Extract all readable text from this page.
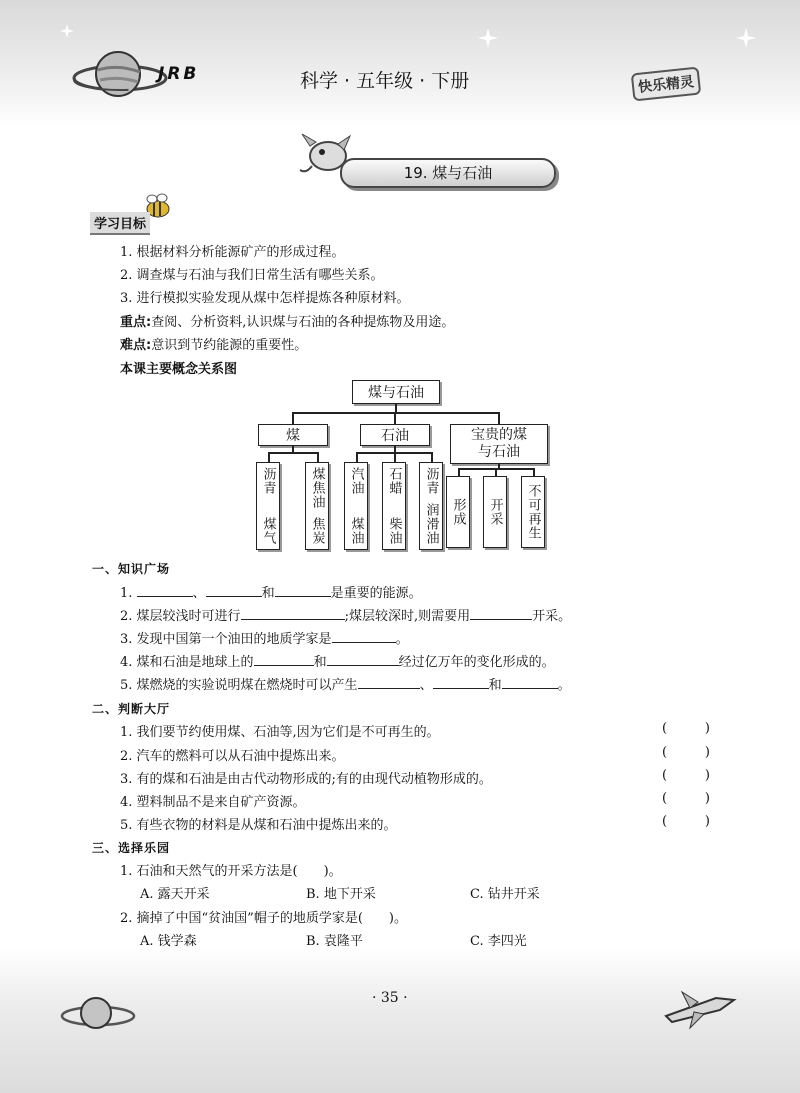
JRB	科学 · 五年级 · 下册	快乐精灵
19. 煤与石油
学习目标
1. 根据材料分析能源矿产的形成过程。
2. 调查煤与石油与我们日常生活有哪些关系。
3. 进行模拟实验发现从煤中怎样提炼各种原材料。
重点:查阅、分析资料,认识煤与石油的各种提炼物及用途。
难点:意识到节约能源的重要性。
本课主要概念关系图
煤与石油
煤	石油	宝贵的煤
与石油
沥青
煤气
煤焦油
焦炭
汽油
煤油
石蜡
柴油
沥青
润滑油 形成 开采 不可再生
一、知识广场
1.	、	和	是重要的能源。
2. 煤层较浅时可进行	;煤层较深时,则需要用	开采。
3. 发现中国第一个油田的地质学家是	。
4. 煤和石油是地球上的	和	经过亿万年的变化形成的。
5. 煤燃烧的实验说明煤在燃烧时可以产生	、	和	。
二、判断大厅
1. 我们要节约使用煤、石油等,因为它们是不可再生的。	(	)
2. 汽车的燃料可以从石油中提炼出来。	(	)
3. 有的煤和石油是由古代动物形成的;有的由现代动植物形成的。	(	)
4. 塑料制品不是来自矿产资源。	(	)
5. 有些衣物的材料是从煤和石油中提炼出来的。	(	)
三、选择乐园
1. 石油和天然气的开采方法是(　　)。
A. 露天开采	B. 地下开采	C. 钻井开采
2. 摘掉了中国“贫油国”帽子的地质学家是(　　)。
A. 钱学森	B. 袁隆平	C. 李四光
· 35 ·
